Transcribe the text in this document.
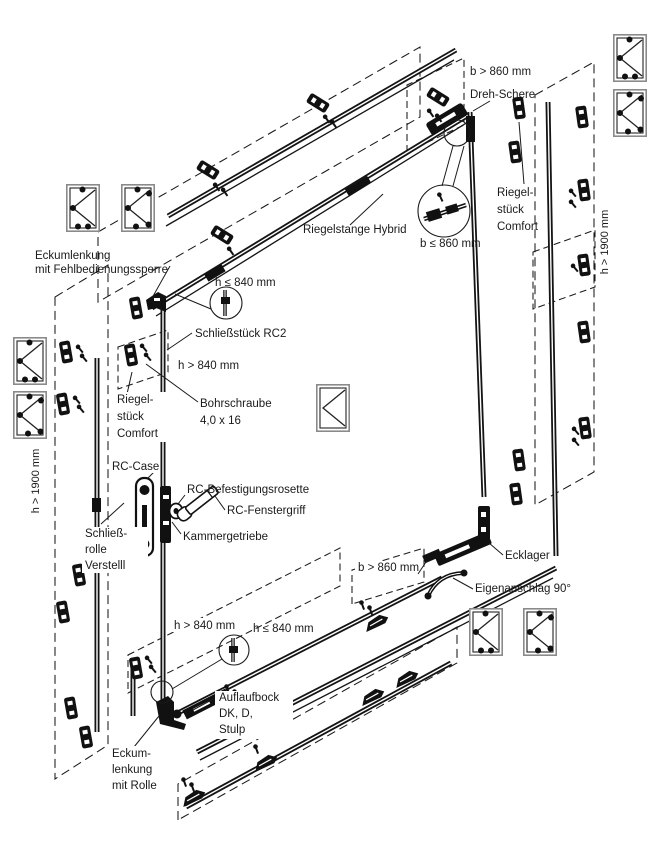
Eckumlenkung
mit Fehlbedienungssperre
Riegelstange Hybrid
b > 860 mm
Dreh-Schere
Riegel-
stück
Comfort
b ≤ 860 mm	h > 1900 mm
h ≤ 840 mm
Schließstück RC2
h > 840 mm
Bohrschraube
4,0 x 16
Riegel-
stück
Comfort
RC-Case
RC-Befestigungsrosette
RC-Fenstergriff
Kammergetriebe
Schließ-
rolle
Verstelll
h > 1900 mm
h > 840 mm h ≤ 840 mm
Auflaufbock
DK, D,
Stulp
Eckum-
lenkung
mit Rolle
b > 860 mm
Eigenanschlag 90°
Ecklager
